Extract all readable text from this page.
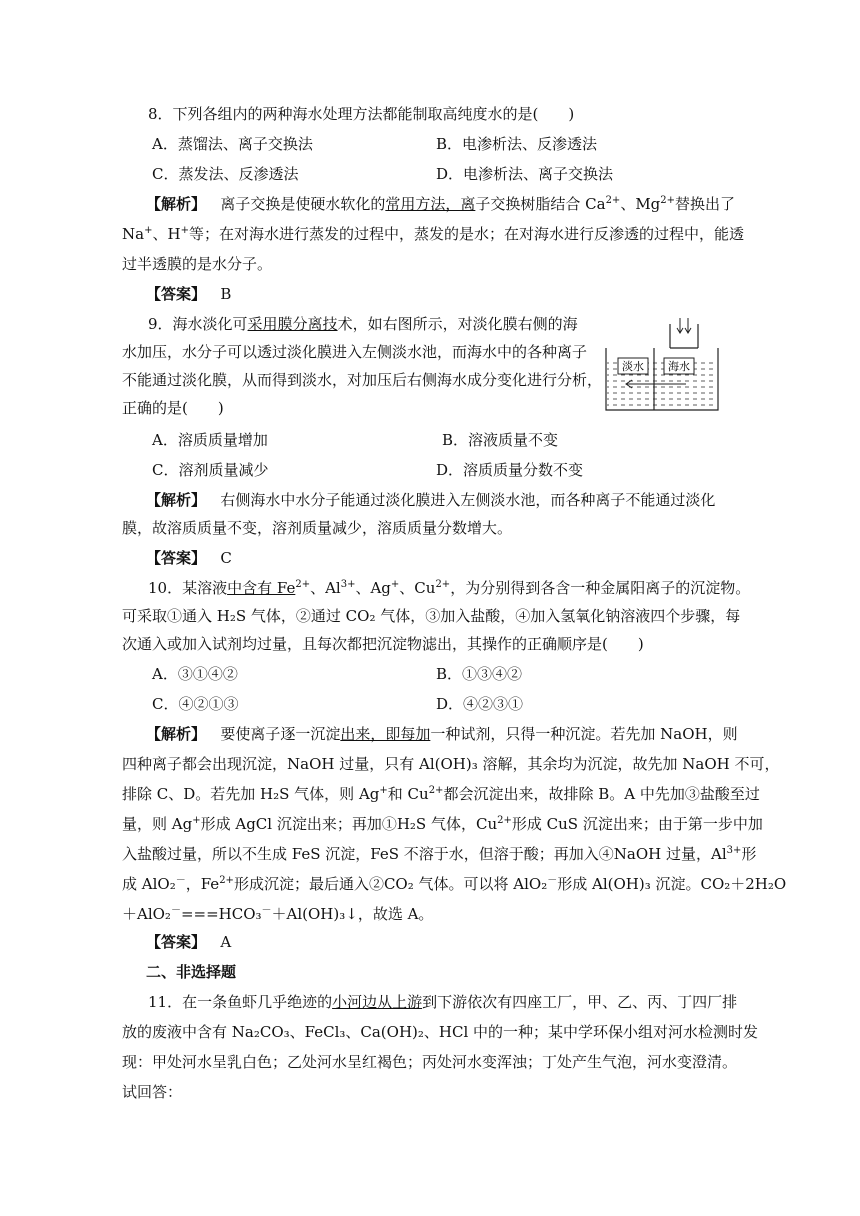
8．下列各组内的两种海水处理方法都能制取高纯度水的是(　　)
A．蒸馏法、离子交换法	B．电渗析法、反渗透法
C．蒸发法、反渗透法	D．电渗析法、离子交换法
【解析】 离子交换是使硬水软化的常用方法，离子交换树脂结合 $Ca^{2+}$、$Mg^{2+}$替换出了
Na+、H+等；在对海水进行蒸发的过程中，蒸发的是水；在对海水进行反渗透的过程中，能透
过半透膜的是水分子。
【答案】 B
9．海水淡化可采用膜分离技术，如右图所示，对淡化膜右侧的海
水加压，水分子可以透过淡化膜进入左侧淡水池，而海水中的各种离子
不能通过淡化膜，从而得到淡水，对加压后右侧海水成分变化进行分析，
正确的是(　　)
淡水 海水
A．溶质质量增加	B．溶液质量不变
C．溶剂质量减少	D．溶质质量分数不变
【解析】 右侧海水中水分子能通过淡化膜进入左侧淡水池，而各种离子不能通过淡化
膜，故溶质质量不变，溶剂质量减少，溶质质量分数增大。
【答案】 C
10．某溶液中含有 $Fe^{2+}$、$Al^{3+}$、Ag+、$Cu^{2+}$，为分别得到各含一种金属阳离子的沉淀物。
可采取①通入 H₂S 气体，②通过 CO₂ 气体，③加入盐酸，④加入氢氧化钠溶液四个步骤，每
次通入或加入试剂均过量，且每次都把沉淀物滤出，其操作的正确顺序是(　　)
A．③①④②	B．①③④②
C．④②①③	D．④②③①
【解析】 要使离子逐一沉淀出来，即每加一种试剂，只得一种沉淀。若先加 NaOH，则
四种离子都会出现沉淀，NaOH 过量，只有 Al(OH)₃ 溶解，其余均为沉淀，故先加 NaOH 不可，
排除 C、D。若先加 H₂S 气体，则 Ag+和 $Cu^{2+}$都会沉淀出来，故排除 B。A 中先加③盐酸至过
量，则 Ag+形成 AgCl 沉淀出来；再加①H₂S 气体，$Cu^{2+}$形成 CuS 沉淀出来；由于第一步中加
入盐酸过量，所以不生成 FeS 沉淀，FeS 不溶于水，但溶于酸；再加入④NaOH 过量，$Al^{3+}$形
成 AlO₂－，$Fe^{2+}$形成沉淀；最后通入②CO₂ 气体。可以将 AlO₂－形成 Al(OH)₃ 沉淀。CO₂＋2H₂O
＋AlO₂－===HCO₃－＋Al(OH)₃↓，故选 A。
【答案】 A
二、非选择题
11．在一条鱼虾几乎绝迹的小河边从上游到下游依次有四座工厂，甲、乙、丙、丁四厂排
放的废液中含有 Na₂CO₃、FeCl₃、Ca(OH)₂、HCl 中的一种；某中学环保小组对河水检测时发
现：甲处河水呈乳白色；乙处河水呈红褐色；丙处河水变浑浊；丁处产生气泡，河水变澄清。
试回答：
